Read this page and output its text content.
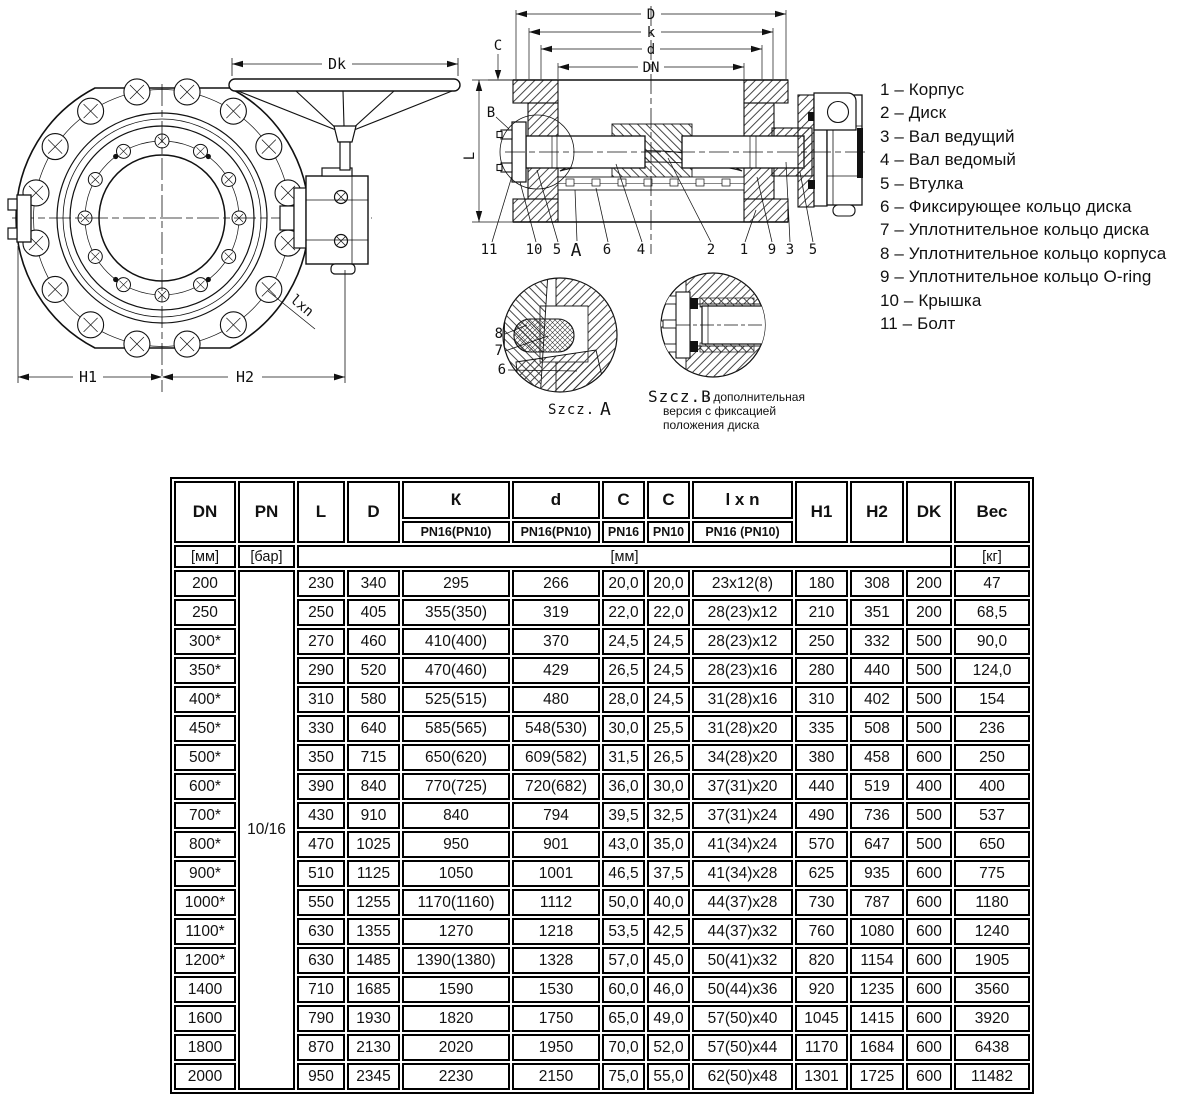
Dk
H1	H2
lxn
D
k
d
DN
C
B
L
11 10 5 A 6 4	2 1 9 3 5
8
7
6
Szcz. A
Szcz.B
- дополнительная
версия с фиксацией
положения диска
1 – Корпус
2 – Диск
3 – Вал ведущий
4 – Вал ведомый
5 – Втулка
6 – Фиксирующее кольцо диска
7 – Уплотнительное кольцо диска
8 – Уплотнительное кольцо корпуса
9 – Уплотнительное кольцо O-ring
10 – Крышка
11 – Болт
DN	PN	L	D	К	d	C	C	l x n	H1	H2	DK	Вес
				PN16(PN10)	PN16(PN10)	PN16	PN10	PN16 (PN10)				
[мм]	[бар]	[мм]										[кг]
200	10/16	230	340	295	266	20,0	20,0	23x12(8)	180	308	200	47
250		250	405	355(350)	319	22,0	22,0	28(23)x12	210	351	200	68,5
300*		270	460	410(400)	370	24,5	24,5	28(23)x12	250	332	500	90,0
350*		290	520	470(460)	429	26,5	24,5	28(23)x16	280	440	500	124,0
400*		310	580	525(515)	480	28,0	24,5	31(28)x16	310	402	500	154
450*		330	640	585(565)	548(530)	30,0	25,5	31(28)x20	335	508	500	236
500*		350	715	650(620)	609(582)	31,5	26,5	34(28)x20	380	458	600	250
600*		390	840	770(725)	720(682)	36,0	30,0	37(31)x20	440	519	400	400
700*		430	910	840	794	39,5	32,5	37(31)x24	490	736	500	537
800*		470	1025	950	901	43,0	35,0	41(34)x24	570	647	500	650
900*		510	1125	1050	1001	46,5	37,5	41(34)x28	625	935	600	775
1000*		550	1255	1170(1160)	1112	50,0	40,0	44(37)x28	730	787	600	1180
1100*		630	1355	1270	1218	53,5	42,5	44(37)x32	760	1080	600	1240
1200*		630	1485	1390(1380)	1328	57,0	45,0	50(41)x32	820	1154	600	1905
1400		710	1685	1590	1530	60,0	46,0	50(44)x36	920	1235	600	3560
1600		790	1930	1820	1750	65,0	49,0	57(50)x40	1045	1415	600	3920
1800		870	2130	2020	1950	70,0	52,0	57(50)x44	1170	1684	600	6438
2000		950	2345	2230	2150	75,0	55,0	62(50)x48	1301	1725	600	11482
